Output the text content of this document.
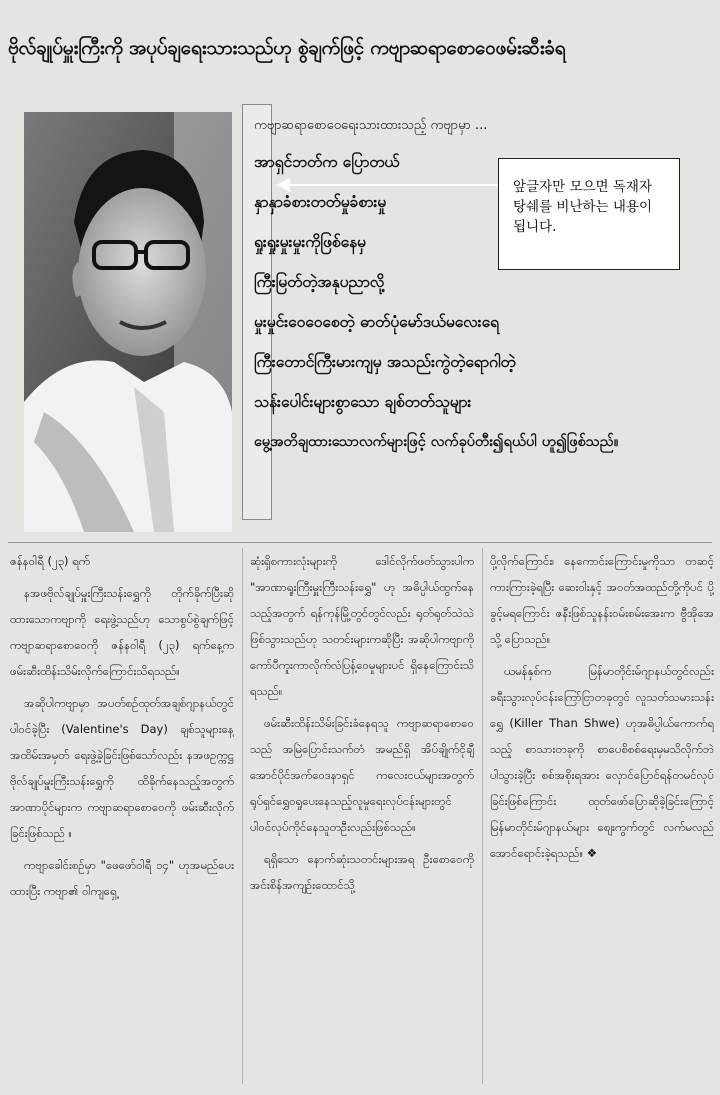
ဗိုလ်ချုပ်မှူးကြီးကို အပုပ်ချရေးသားသည်ဟု စွဲချက်ဖြင့် ကဗျာဆရာစောဝေဖမ်းဆီးခံရ
ကဗျာဆရာစောဝေရေးသားထားသည့် ကဗျာမှာ ...
အာရှင်ဘတ်က ပြောတယ်
နှာနှာခံစားတတ်မှုခံစားမှု
ရှုးရှုးမှုးမှုးကိုဖြစ်နေမှ
ကြီးမြတ်တဲ့အနုပညာလို့
မှုးမှုင်းဝေဝေစေတဲ့ ဓာတ်ပုံမော်ဒယ်မလေးရေ
ကြီးတောင်ကြီးမားကျမှ အသည်းကွဲတဲ့ရောဂါတဲ့
သန်းပေါင်းများစွာသော ချစ်တတ်သူများ
မွေ့အတိချထားသောလက်များဖြင့် လက်ခုပ်တီး၍ရယ်ပါ ဟူ၍ဖြစ်သည်။
앞글자만 모으면 독재자 탕쉐를 비난하는 내용이 됩니다.

ဇန်နဝါရီ (၂၃) ရက်

နအဖဗိုလ်ချုပ်မှူးကြီးသန်းရွှေကို တိုက်ခိုက်ပြီးဆိုထားသောကဗျာကို ရေးဖွဲ့သည်ဟု သောစွပ်စွဲချက်ဖြင့် ကဗျာဆရာစောဝေကို ဇန်နဝါရီ (၂၃) ရက်နေ့က ဖမ်းဆီးထိန်းသိမ်းလိုက်ကြောင်းသိရသည်။

အဆိုပါကဗျာမှာ အပတ်စဉ်ထုတ်အချစ်ဂျာနယ်တွင်ပါဝင်ခဲ့ပြီး (Valentine's Day) ချစ်သူများနေ့အထိမ်းအမှတ် ရေးဖွဲ့ခဲ့ခြင်းဖြစ်သော်လည်း နအဖဥက္ကဋ္ဌ ဗိုလ်ချုပ်မှူးကြီးသန်းရွှေကို ထိခိုက်နေသည့်အတွက် အာဏာပိုင်များက ကဗျာဆရာစောဝေကို ဖမ်းဆီးလိုက်ခြင်းဖြစ်သည် ။

ကဗျာခေါင်းစဉ်မှာ "ဖေဖော်ဝါရီ ၁၄" ဟုအမည်ပေးထားပြီး ကဗျာ၏ ဝါကျရှေ့

ဆုံးရှိစကားလုံးများကို ဒေါင်လိုက်ဖတ်သွားပါက "အာဏာရူးကြီးမှူးကြီးသန်းရွှေ" ဟု အဓိပ္ပါယ်ထွက်နေသည့်အတွက် ရန်ကုန်မြို့တွင်တွင်လည်း ရုတ်ရုတ်သဲသဲဖြစ်သွားသည်ဟု သတင်းများကဆိုပြီး အဆိုပါကဗျာကို ကော်ပီကူးကာလိုက်လံပြန့်ဝေမှုများပင် ရှိနေကြောင်းသိရသည်။

ဖမ်းဆီးထိန်းသိမ်းခြင်းခံနေရသူ ကဗျာဆရာစောဝေသည် အမြဲပြောင်းသက်တံ အမည်ရှိ အိပ်ချိုက်ငိုချီအောင်ပိုင်အက်ဝေဒနာရှင် ကလေးငယ်များအတွက် ရုပ်ရှင်ရွှေဝရှုပေးနေသည့်လူမှုရေးလုပ်ငန်းများတွင် ပါဝင်လုပ်ကိုင်နေသူတဦးလည်းဖြစ်သည်။

ရရှိသော နောက်ဆုံးသတင်းများအရ ဦးစောဝေကို အင်းစိန်အကျဉ်းထောင်သို့

ပို့လိုက်ကြောင်း၊ နေကောင်းကြောင်းမှုကိုသာ တဆင့်ကားကြားခဲ့ရပြီး ဆေးဝါးနှင့် အဝတ်အထည်တို့ကိုပင် ပို့ခွင့်မရကြောင်း ဇနီးဖြစ်သူနန်းဝမ်းစမ်းအေးက ဗွီအိုအေသို့ ပြောသည်။

ယမန်နှစ်က မြန်မာတိုင်းမ်ဂျာနယ်တွင်လည်း ခရီးသွားလုပ်ငန်းကြော်ငြာတခုတွင် လူသတ်သမားသန်းရွှေ (Killer Than Shwe) ဟုအဓိပ္ပါယ်ကောက်ရသည့် စာသားတခုကို စာပေစိစစ်ရေးမှမသိလိုက်ဘဲ ပါသွားခဲ့ပြီး စစ်အစိုးရအား လှောင်ပြောင်ရန်တမင်လုပ်ခြင်းဖြစ်ကြောင်း ထုတ်ဖော်ပြောဆိုခဲ့ခြင်းကြောင့် မြန်မာတိုင်းမ်ဂျာနယ်များ စျေးကွက်တွင် လက်မလည်အောင်ရောင်းခဲ့ရသည်။ ❖
